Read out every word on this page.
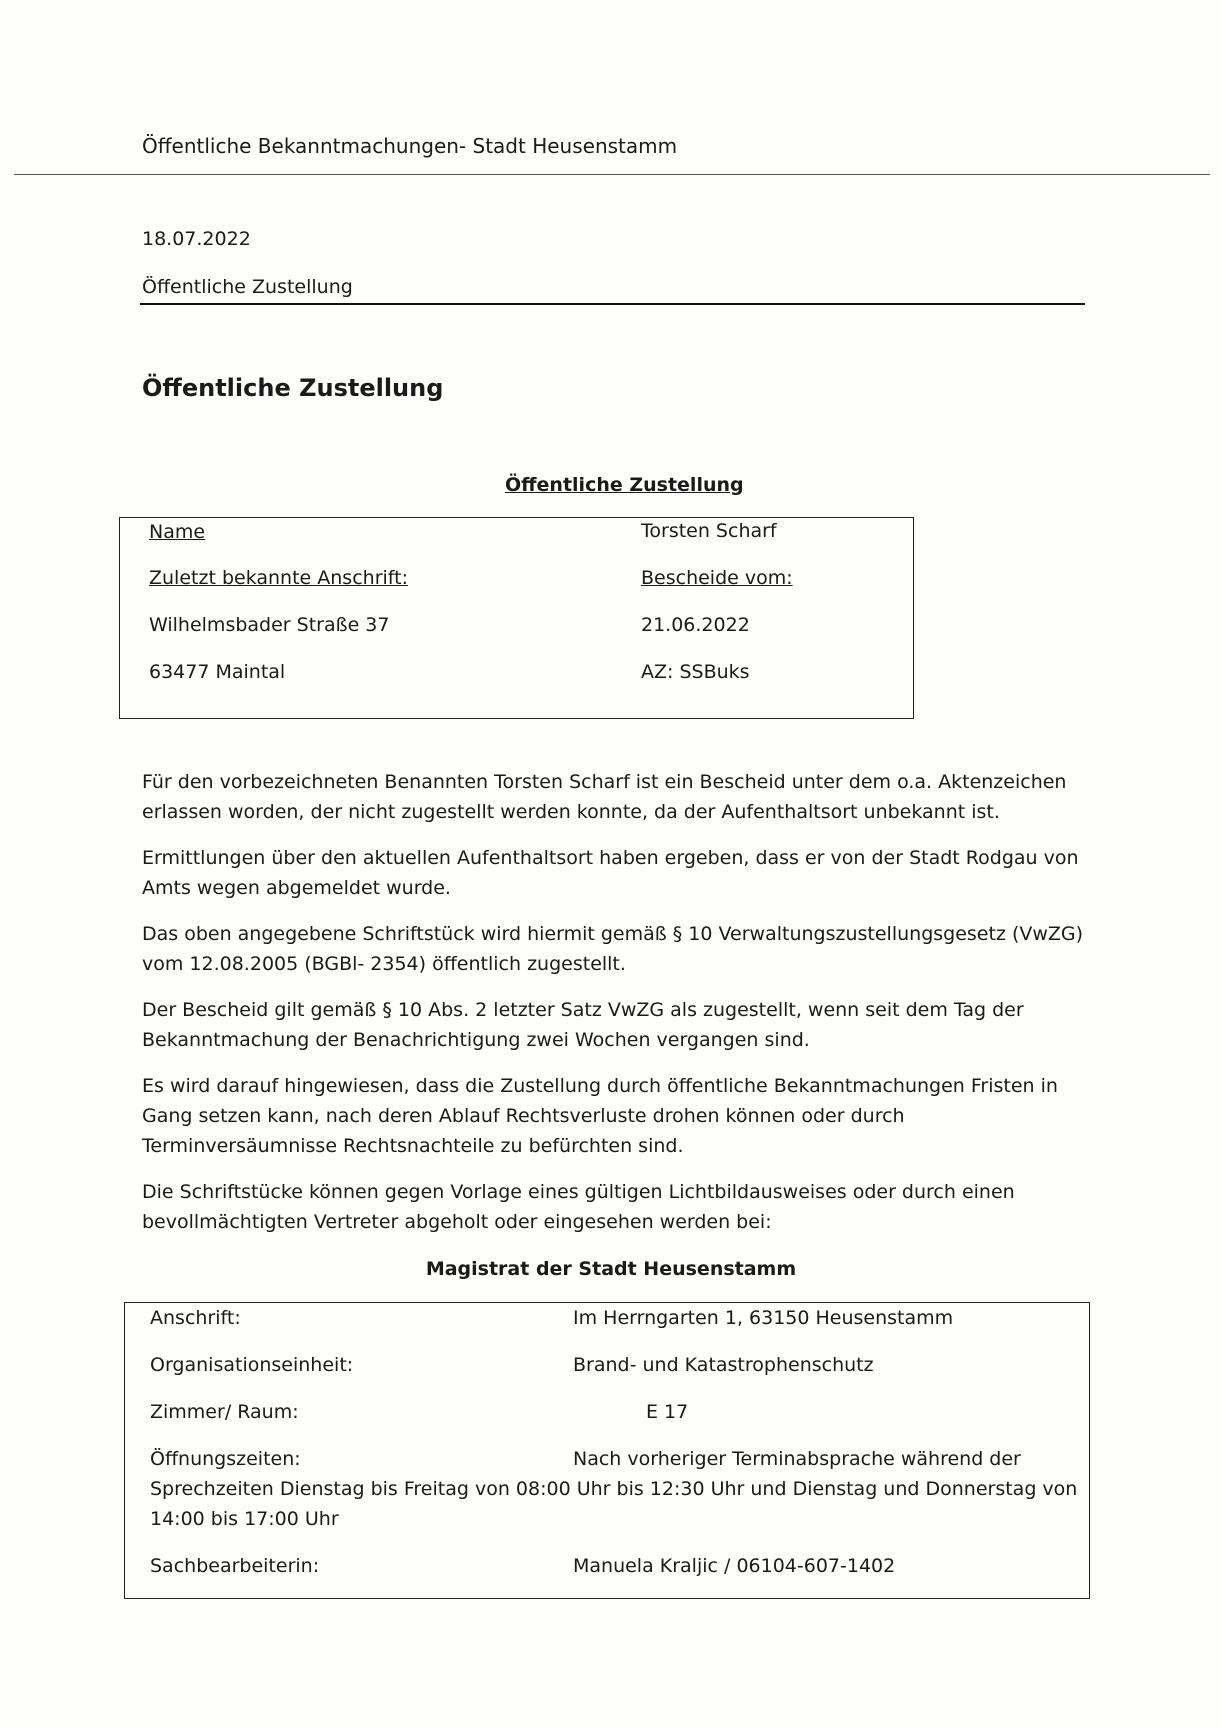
Öffentliche Bekanntmachungen- Stadt Heusenstamm
18.07.2022
Öffentliche Zustellung
Öffentliche Zustellung
Öffentliche Zustellung
Name	Torsten Scharf
Zuletzt bekannte Anschrift:	Bescheide vom:
Wilhelmsbader Straße 37	21.06.2022
63477 Maintal	AZ: SSBuks
Für den vorbezeichneten Benannten Torsten Scharf ist ein Bescheid unter dem o.a. Aktenzeichen erlassen worden, der nicht zugestellt werden konnte, da der Aufenthaltsort unbekannt ist.
Ermittlungen über den aktuellen Aufenthaltsort haben ergeben, dass er von der Stadt Rodgau von Amts wegen abgemeldet wurde.
Das oben angegebene Schriftstück wird hiermit gemäß § 10 Verwaltungszustellungsgesetz (VwZG) vom 12.08.2005 (BGBl- 2354) öffentlich zugestellt.
Der Bescheid gilt gemäß § 10 Abs. 2 letzter Satz VwZG als zugestellt, wenn seit dem Tag der Bekanntmachung der Benachrichtigung zwei Wochen vergangen sind.
Es wird darauf hingewiesen, dass die Zustellung durch öffentliche Bekanntmachungen Fristen in Gang setzen kann, nach deren Ablauf Rechtsverluste drohen können oder durch Terminversäumnisse Rechtsnachteile zu befürchten sind.
Die Schriftstücke können gegen Vorlage eines gültigen Lichtbildausweises oder durch einen bevollmächtigten Vertreter abgeholt oder eingesehen werden bei:
Magistrat der Stadt Heusenstamm
Anschrift:	Im Herrngarten 1, 63150 Heusenstamm
Organisationseinheit:	Brand- und Katastrophenschutz
Zimmer/ Raum:	E 17
Öffnungszeiten:	Nach vorheriger Terminabsprache während der
Sprechzeiten Dienstag bis Freitag von 08:00 Uhr bis 12:30 Uhr und Dienstag und Donnerstag von
14:00 bis 17:00 Uhr
Sachbearbeiterin:	Manuela Kraljic / 06104-607-1402
